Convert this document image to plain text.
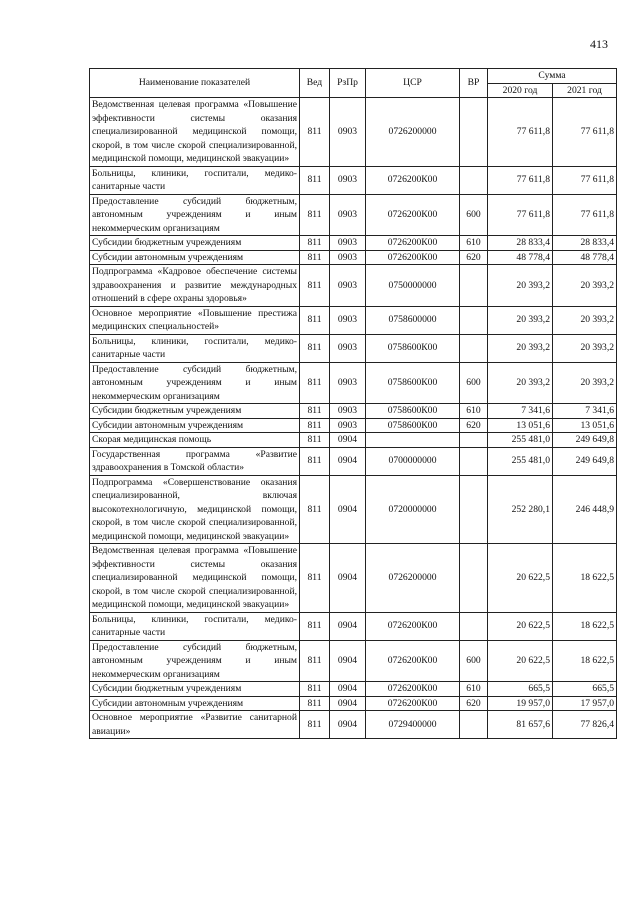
413
Наименование показателей	Вед	РзПр	ЦСР	ВР	Сумма	
					2020 год	2021 год
Ведомственная целевая программа «Повышение эффективности системы оказания специализированной медицинской помощи, скорой, в том числе скорой специализированной, медицинской помощи, медицинской эвакуации»	811	0903	0726200000		77 611,8	77 611,8
Больницы, клиники, госпитали, медико-санитарные части	811	0903	0726200К00		77 611,8	77 611,8
Предоставление субсидий бюджетным, автономным учреждениям и иным некоммерческим организациям	811	0903	0726200К00	600	77 611,8	77 611,8
Субсидии бюджетным учреждениям	811	0903	0726200К00	610	28 833,4	28 833,4
Субсидии автономным учреждениям	811	0903	0726200К00	620	48 778,4	48 778,4
Подпрограмма «Кадровое обеспечение системы здравоохранения и развитие международных отношений в сфере охраны здоровья»	811	0903	0750000000		20 393,2	20 393,2
Основное мероприятие «Повышение престижа медицинских специальностей»	811	0903	0758600000		20 393,2	20 393,2
Больницы, клиники, госпитали, медико-санитарные части	811	0903	0758600К00		20 393,2	20 393,2
Предоставление субсидий бюджетным, автономным учреждениям и иным некоммерческим организациям	811	0903	0758600К00	600	20 393,2	20 393,2
Субсидии бюджетным учреждениям	811	0903	0758600К00	610	7 341,6	7 341,6
Субсидии автономным учреждениям	811	0903	0758600К00	620	13 051,6	13 051,6
Скорая медицинская помощь	811	0904			255 481,0	249 649,8
Государственная программа «Развитие здравоохранения в Томской области»	811	0904	0700000000		255 481,0	249 649,8
Подпрограмма «Совершенствование оказания специализированной, включая высокотехнологичную, медицинской помощи, скорой, в том числе скорой специализированной, медицинской помощи, медицинской эвакуации»	811	0904	0720000000		252 280,1	246 448,9
Ведомственная целевая программа «Повышение эффективности системы оказания специализированной медицинской помощи, скорой, в том числе скорой специализированной, медицинской помощи, медицинской эвакуации»	811	0904	0726200000		20 622,5	18 622,5
Больницы, клиники, госпитали, медико-санитарные части	811	0904	0726200К00		20 622,5	18 622,5
Предоставление субсидий бюджетным, автономным учреждениям и иным некоммерческим организациям	811	0904	0726200К00	600	20 622,5	18 622,5
Субсидии бюджетным учреждениям	811	0904	0726200К00	610	665,5	665,5
Субсидии автономным учреждениям	811	0904	0726200К00	620	19 957,0	17 957,0
Основное мероприятие «Развитие санитарной авиации»	811	0904	0729400000		81 657,6	77 826,4
